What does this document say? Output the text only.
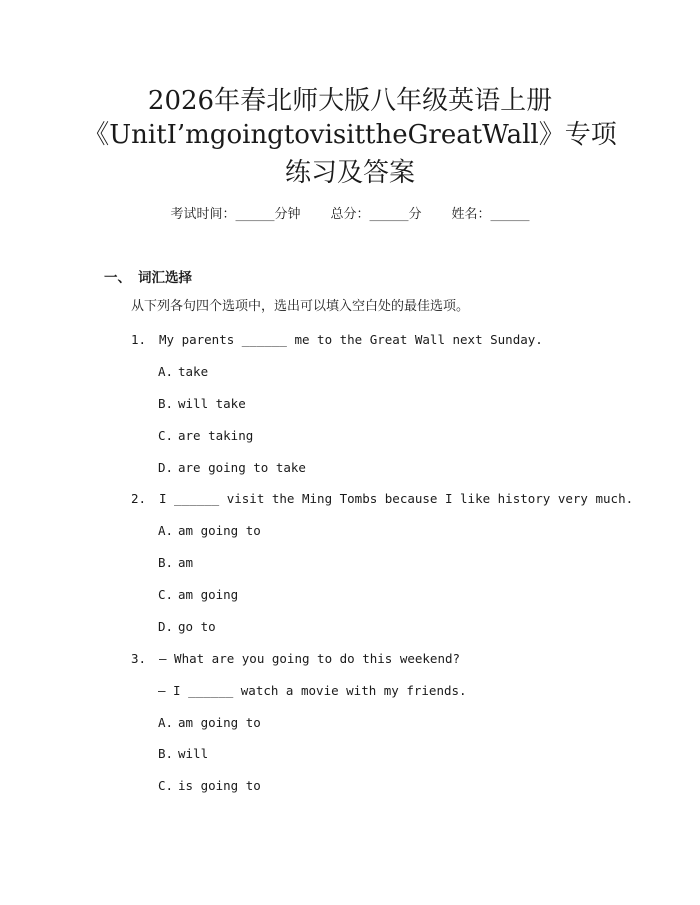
2026年春北师大版八年级英语上册
《UnitI’mgoingtovisittheGreatWall》专项
练习及答案
考试时间：______分钟 总分：______分 姓名：______
一、 词汇选择
从下列各句四个选项中，选出可以填入空白处的最佳选项。
1. My parents ______ me to the Great Wall next Sunday.
A. take
B. will take
C. are taking
D. are going to take
2. I ______ visit the Ming Tombs because I like history very much.
A. am going to
B. am
C. am going
D. go to
3. — What are you going to do this weekend?
— I ______ watch a movie with my friends.
A. am going to
B. will
C. is going to
